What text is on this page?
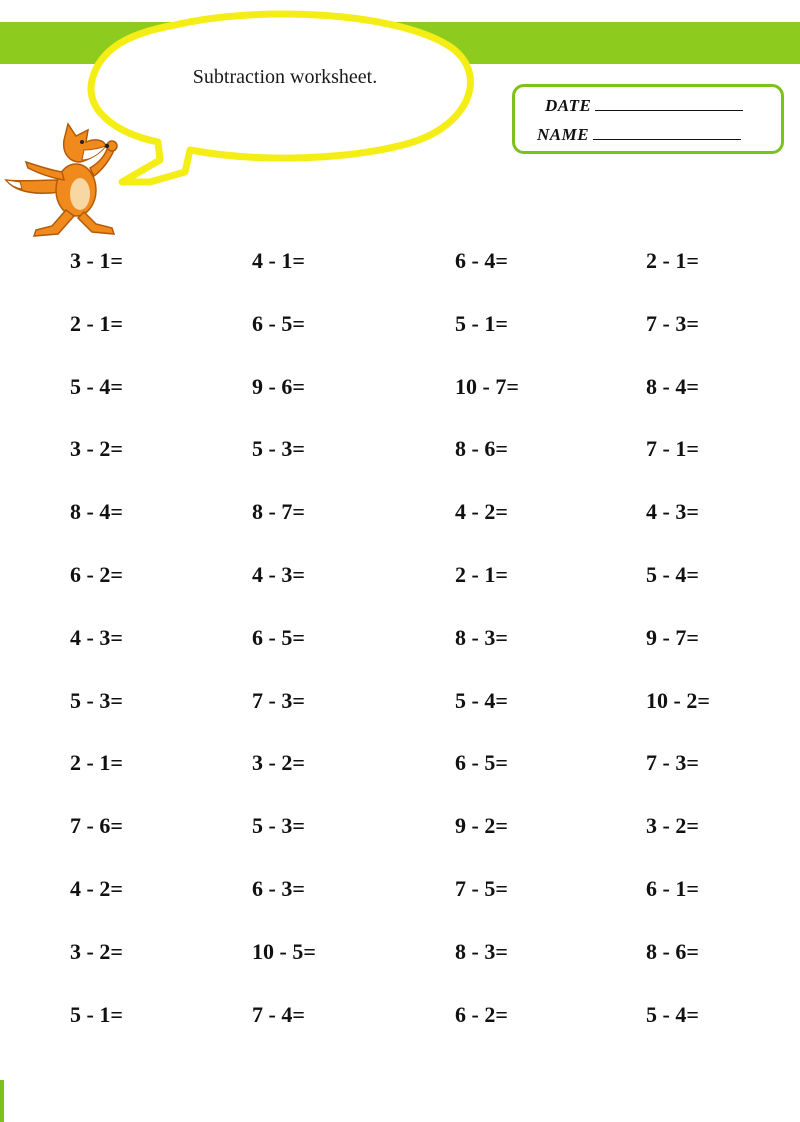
Subtraction worksheet.
DATE
NAME
3 - 1=	4 - 1=	6 - 4=	2 - 1=
2 - 1=	6 - 5=	5 - 1=	7 - 3=
5 - 4=	9 - 6=	10 - 7=	8 - 4=
3 - 2=	5 - 3=	8 - 6=	7 - 1=
8 - 4=	8 - 7=	4 - 2=	4 - 3=
6 - 2=	4 - 3=	2 - 1=	5 - 4=
4 - 3=	6 - 5=	8 - 3=	9 - 7=
5 - 3=	7 - 3=	5 - 4=	10 - 2=
2 - 1=	3 - 2=	6 - 5=	7 - 3=
7 - 6=	5 - 3=	9 - 2=	3 - 2=
4 - 2=	6 - 3=	7 - 5=	6 - 1=
3 - 2=	10 - 5=	8 - 3=	8 - 6=
5 - 1=	7 - 4=	6 - 2=	5 - 4=
